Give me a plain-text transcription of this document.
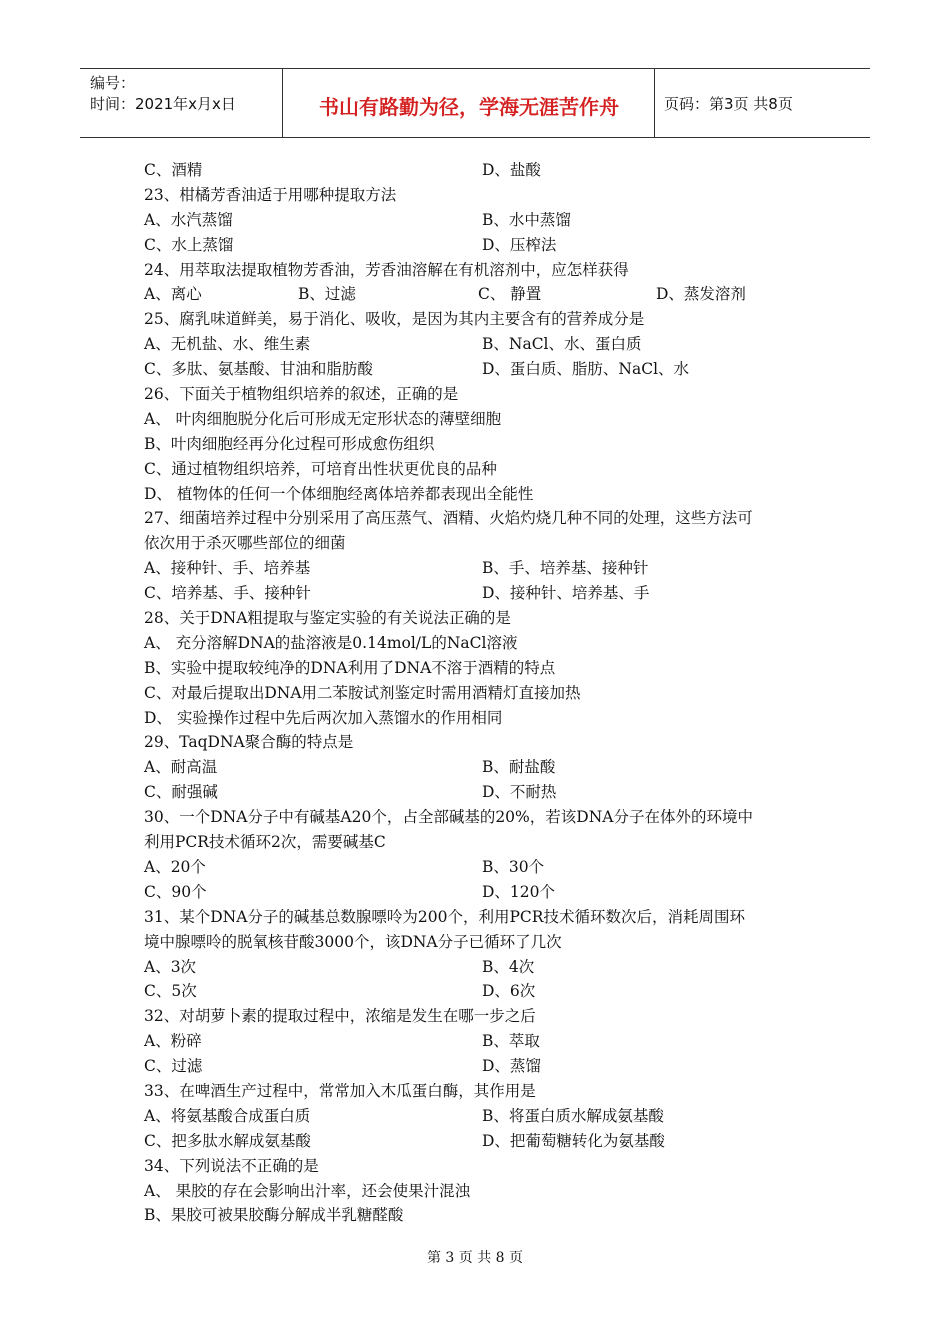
编号：
时间：2021年x月x日	书山有路勤为径，学海无涯苦作舟	页码：第3页 共8页
C、酒精	D、盐酸
23、柑橘芳香油适于用哪种提取方法
A、水汽蒸馏	B、水中蒸馏
C、水上蒸馏	D、压榨法
24、用萃取法提取植物芳香油，芳香油溶解在有机溶剂中，应怎样获得
A、离心	B、过滤	C、 静置	D、蒸发溶剂
25、腐乳味道鲜美，易于消化、吸收，是因为其内主要含有的营养成分是
A、无机盐、水、维生素	B、NaCl、水、蛋白质
C、多肽、氨基酸、甘油和脂肪酸	D、蛋白质、脂肪、NaCl、水
26、下面关于植物组织培养的叙述，正确的是
A、 叶肉细胞脱分化后可形成无定形状态的薄壁细胞
B、叶肉细胞经再分化过程可形成愈伤组织
C、通过植物组织培养，可培育出性状更优良的品种
D、 植物体的任何一个体细胞经离体培养都表现出全能性
27、细菌培养过程中分别采用了高压蒸气、酒精、火焰灼烧几种不同的处理，这些方法可
依次用于杀灭哪些部位的细菌
A、接种针、手、培养基	B、手、培养基、接种针
C、培养基、手、接种针	D、接种针、培养基、手
28、关于DNA粗提取与鉴定实验的有关说法正确的是
A、 充分溶解DNA的盐溶液是0.14mol/L的NaCl溶液
B、实验中提取较纯净的DNA利用了DNA不溶于酒精的特点
C、对最后提取出DNA用二苯胺试剂鉴定时需用酒精灯直接加热
D、 实验操作过程中先后两次加入蒸馏水的作用相同
29、TaqDNA聚合酶的特点是
A、耐高温	B、耐盐酸
C、耐强碱	D、不耐热
30、一个DNA分子中有碱基A20个，占全部碱基的20%，若该DNA分子在体外的环境中
利用PCR技术循环2次，需要碱基C
A、20个	B、30个
C、90个	D、120个
31、某个DNA分子的碱基总数腺嘌呤为200个，利用PCR技术循环数次后，消耗周围环
境中腺嘌呤的脱氧核苷酸3000个，该DNA分子已循环了几次
A、3次	B、4次
C、5次	D、6次
32、对胡萝卜素的提取过程中，浓缩是发生在哪一步之后
A、粉碎	B、萃取
C、过滤	D、蒸馏
33、在啤酒生产过程中，常常加入木瓜蛋白酶，其作用是
A、将氨基酸合成蛋白质	B、将蛋白质水解成氨基酸
C、把多肽水解成氨基酸	D、把葡萄糖转化为氨基酸
34、下列说法不正确的是
A、 果胶的存在会影响出汁率，还会使果汁混浊
B、果胶可被果胶酶分解成半乳糖醛酸
第 3 页 共 8 页
